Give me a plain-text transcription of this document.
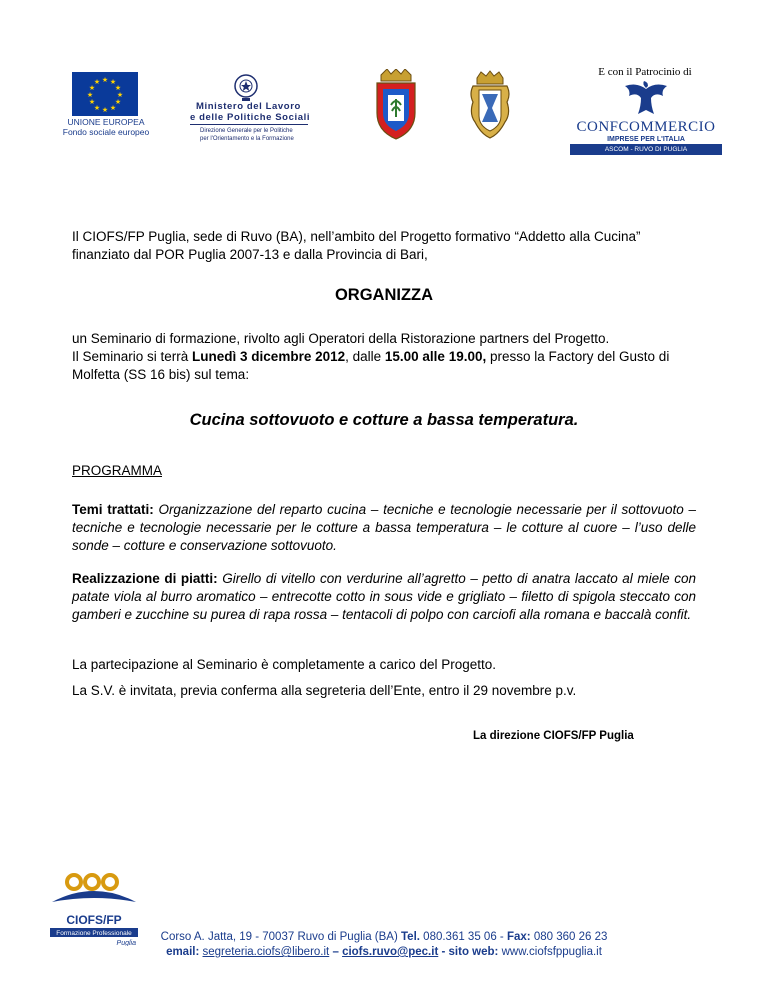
★ ★
★
★
★
★
★
★
★
★
★
★
UNIONE EUROPEA
Fondo sociale europeo
Ministero del Lavoro
e delle Politiche Sociali
Direzione Generale per le Politiche
per l'Orientamento e la Formazione
E con il Patrocinio di
CONFCOMMERCIO
IMPRESE PER L'ITALIA
ASCOM - RUVO DI PUGLIA
Il CIOFS/FP Puglia, sede di Ruvo (BA), nell’ambito del Progetto formativo “Addetto alla Cucina”
finanziato dal POR Puglia 2007-13 e dalla Provincia di Bari,
ORGANIZZA
un Seminario di formazione, rivolto agli Operatori della Ristorazione partners del Progetto.
Il Seminario si terrà Lunedì 3 dicembre 2012, dalle 15.00 alle 19.00, presso la Factory del Gusto di
Molfetta (SS 16 bis) sul tema:
Cucina sottovuoto e cotture a bassa temperatura.
PROGRAMMA
Temi trattati: Organizzazione del reparto cucina – tecniche e tecnologie necessarie per il sottovuoto – tecniche e tecnologie necessarie per le cotture a bassa temperatura – le cotture al cuore – l’uso delle sonde – cotture e conservazione sottovuoto.
Realizzazione di piatti: Girello di vitello con verdurine all’agretto – petto di anatra laccato al miele con patate viola al burro aromatico – entrecotte cotto in sous vide e grigliato – filetto di spigola steccato con gamberi e zucchine su purea di rapa rossa – tentacoli di polpo con carciofi alla romana e baccalà confit.
La partecipazione al Seminario è completamente a carico del Progetto.
La S.V. è invitata, previa conferma alla segreteria dell’Ente, entro il 29 novembre p.v.
La direzione CIOFS/FP Puglia
CIOFS/FP
Formazione Professionale
Puglia
Corso A. Jatta, 19 - 70037 Ruvo di Puglia (BA) Tel. 080.361 35 06 - Fax: 080 360 26 23
email: segreteria.ciofs@libero.it – ciofs.ruvo@pec.it - sito web: www.ciofsfppuglia.it
